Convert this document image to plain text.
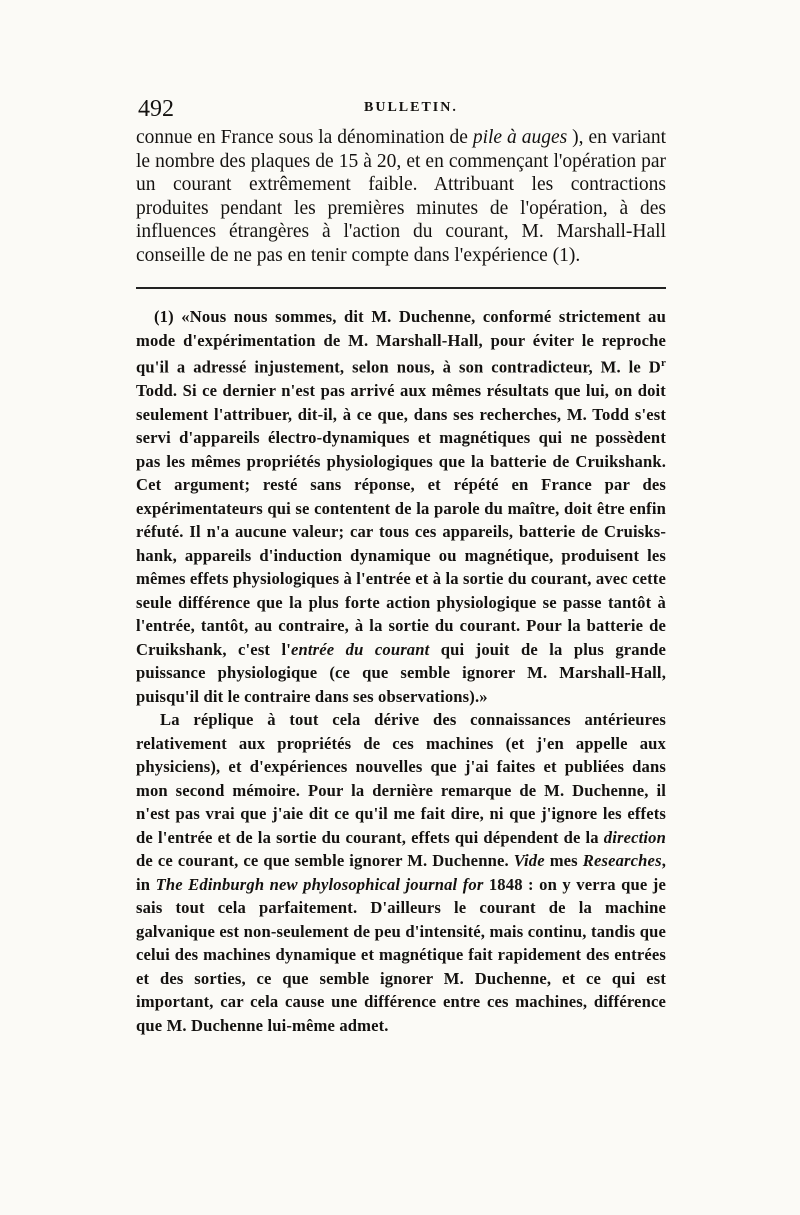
492	BULLETIN.

connue en France sous la dénomination de pile à auges ), en variant le nombre des plaques de 15 à 20, et en commençant l'opération par un courant extrêmement faible. Attribuant les contractions produites pendant les premières minutes de l'opération, à des influences étrangères à l'action du courant, M. Marshall-Hall conseille de ne pas en tenir compte dans l'expérience (1).

(1) «Nous nous sommes, dit M. Duchenne, conformé strictement au mode d'expérimentation de M. Marshall-Hall, pour éviter le reproche qu'il a adressé injustement, selon nous, à son contradicteur, M. le $D^r$ Todd. Si ce dernier n'est pas arrivé aux mêmes résultats que lui, on doit seulement l'attribuer, dit-il, à ce que, dans ses recherches, M. Todd s'est servi d'appareils électro-dynamiques et magnétiques qui ne possèdent pas les mêmes propriétés physiologiques que la batterie de Cruikshank. Cet argument; resté sans réponse, et répété en France par des expérimentateurs qui se contentent de la parole du maître, doit être enfin réfuté. Il n'a aucune valeur; car tous ces appareils, batterie de Cruisks-hank, appareils d'induction dynamique ou magnétique, produisent les mêmes effets physiologiques à l'entrée et à la sortie du courant, avec cette seule différence que la plus forte action physiologique se passe tantôt à l'entrée, tantôt, au contraire, à la sortie du courant. Pour la batterie de Cruikshank, c'est l'entrée du courant qui jouit de la plus grande puissance physiologique (ce que semble ignorer M. Marshall-Hall, puisqu'il dit le contraire dans ses observations).»

La réplique à tout cela dérive des connaissances antérieures relativement aux propriétés de ces machines (et j'en appelle aux physiciens), et d'expériences nouvelles que j'ai faites et publiées dans mon second mémoire. Pour la dernière remarque de M. Duchenne, il n'est pas vrai que j'aie dit ce qu'il me fait dire, ni que j'ignore les effets de l'entrée et de la sortie du courant, effets qui dépendent de la direction de ce courant, ce que semble ignorer M. Duchenne. Vide mes Researches, in The Edinburgh new phylosophical journal for 1848 : on y verra que je sais tout cela parfaitement. D'ailleurs le courant de la machine galvanique est non-seulement de peu d'intensité, mais continu, tandis que celui des machines dynamique et magnétique fait rapidement des entrées et des sorties, ce que semble ignorer M. Duchenne, et ce qui est important, car cela cause une différence entre ces machines, différence que M. Duchenne lui-même admet.
